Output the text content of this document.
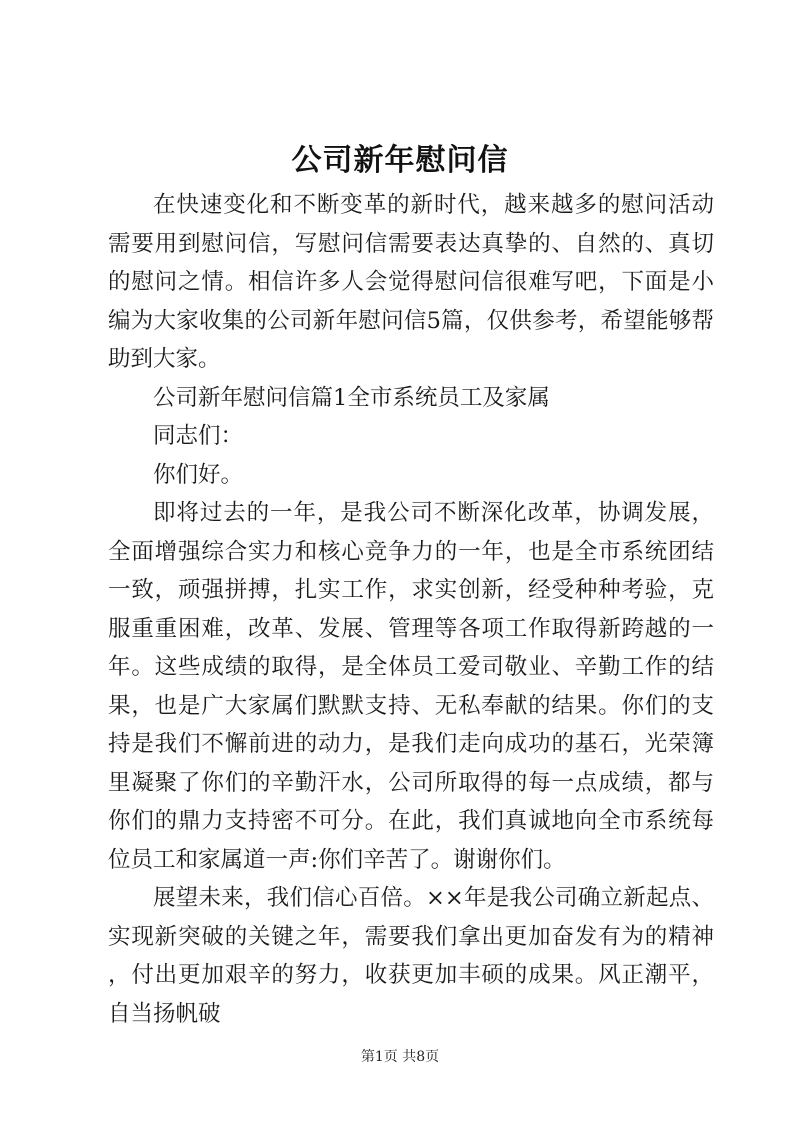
公司新年慰问信

在快速变化和不断变革的新时代，越来越多的慰问活动需要用到慰问信，写慰问信需要表达真挚的、自然的、真切的慰问之情。相信许多人会觉得慰问信很难写吧，下面是小编为大家收集的公司新年慰问信5篇，仅供参考，希望能够帮助到大家。

公司新年慰问信篇1全市系统员工及家属

同志们：

你们好。

即将过去的一年，是我公司不断深化改革，协调发展，全面增强综合实力和核心竞争力的一年，也是全市系统团结一致，顽强拼搏，扎实工作，求实创新，经受种种考验，克服重重困难，改革、发展、管理等各项工作取得新跨越的一年。这些成绩的取得，是全体员工爱司敬业、辛勤工作的结果，也是广大家属们默默支持、无私奉献的结果。你们的支持是我们不懈前进的动力，是我们走向成功的基石，光荣簿里凝聚了你们的辛勤汗水，公司所取得的每一点成绩，都与你们的鼎力支持密不可分。在此，我们真诚地向全市系统每位员工和家属道一声:你们辛苦了。谢谢你们。

展望未来，我们信心百倍。××年是我公司确立新起点、实现新突破的关键之年，需要我们拿出更加奋发有为的精神，付出更加艰辛的努力，收获更加丰硕的成果。风正潮平，自当扬帆破

第1页 共8页
